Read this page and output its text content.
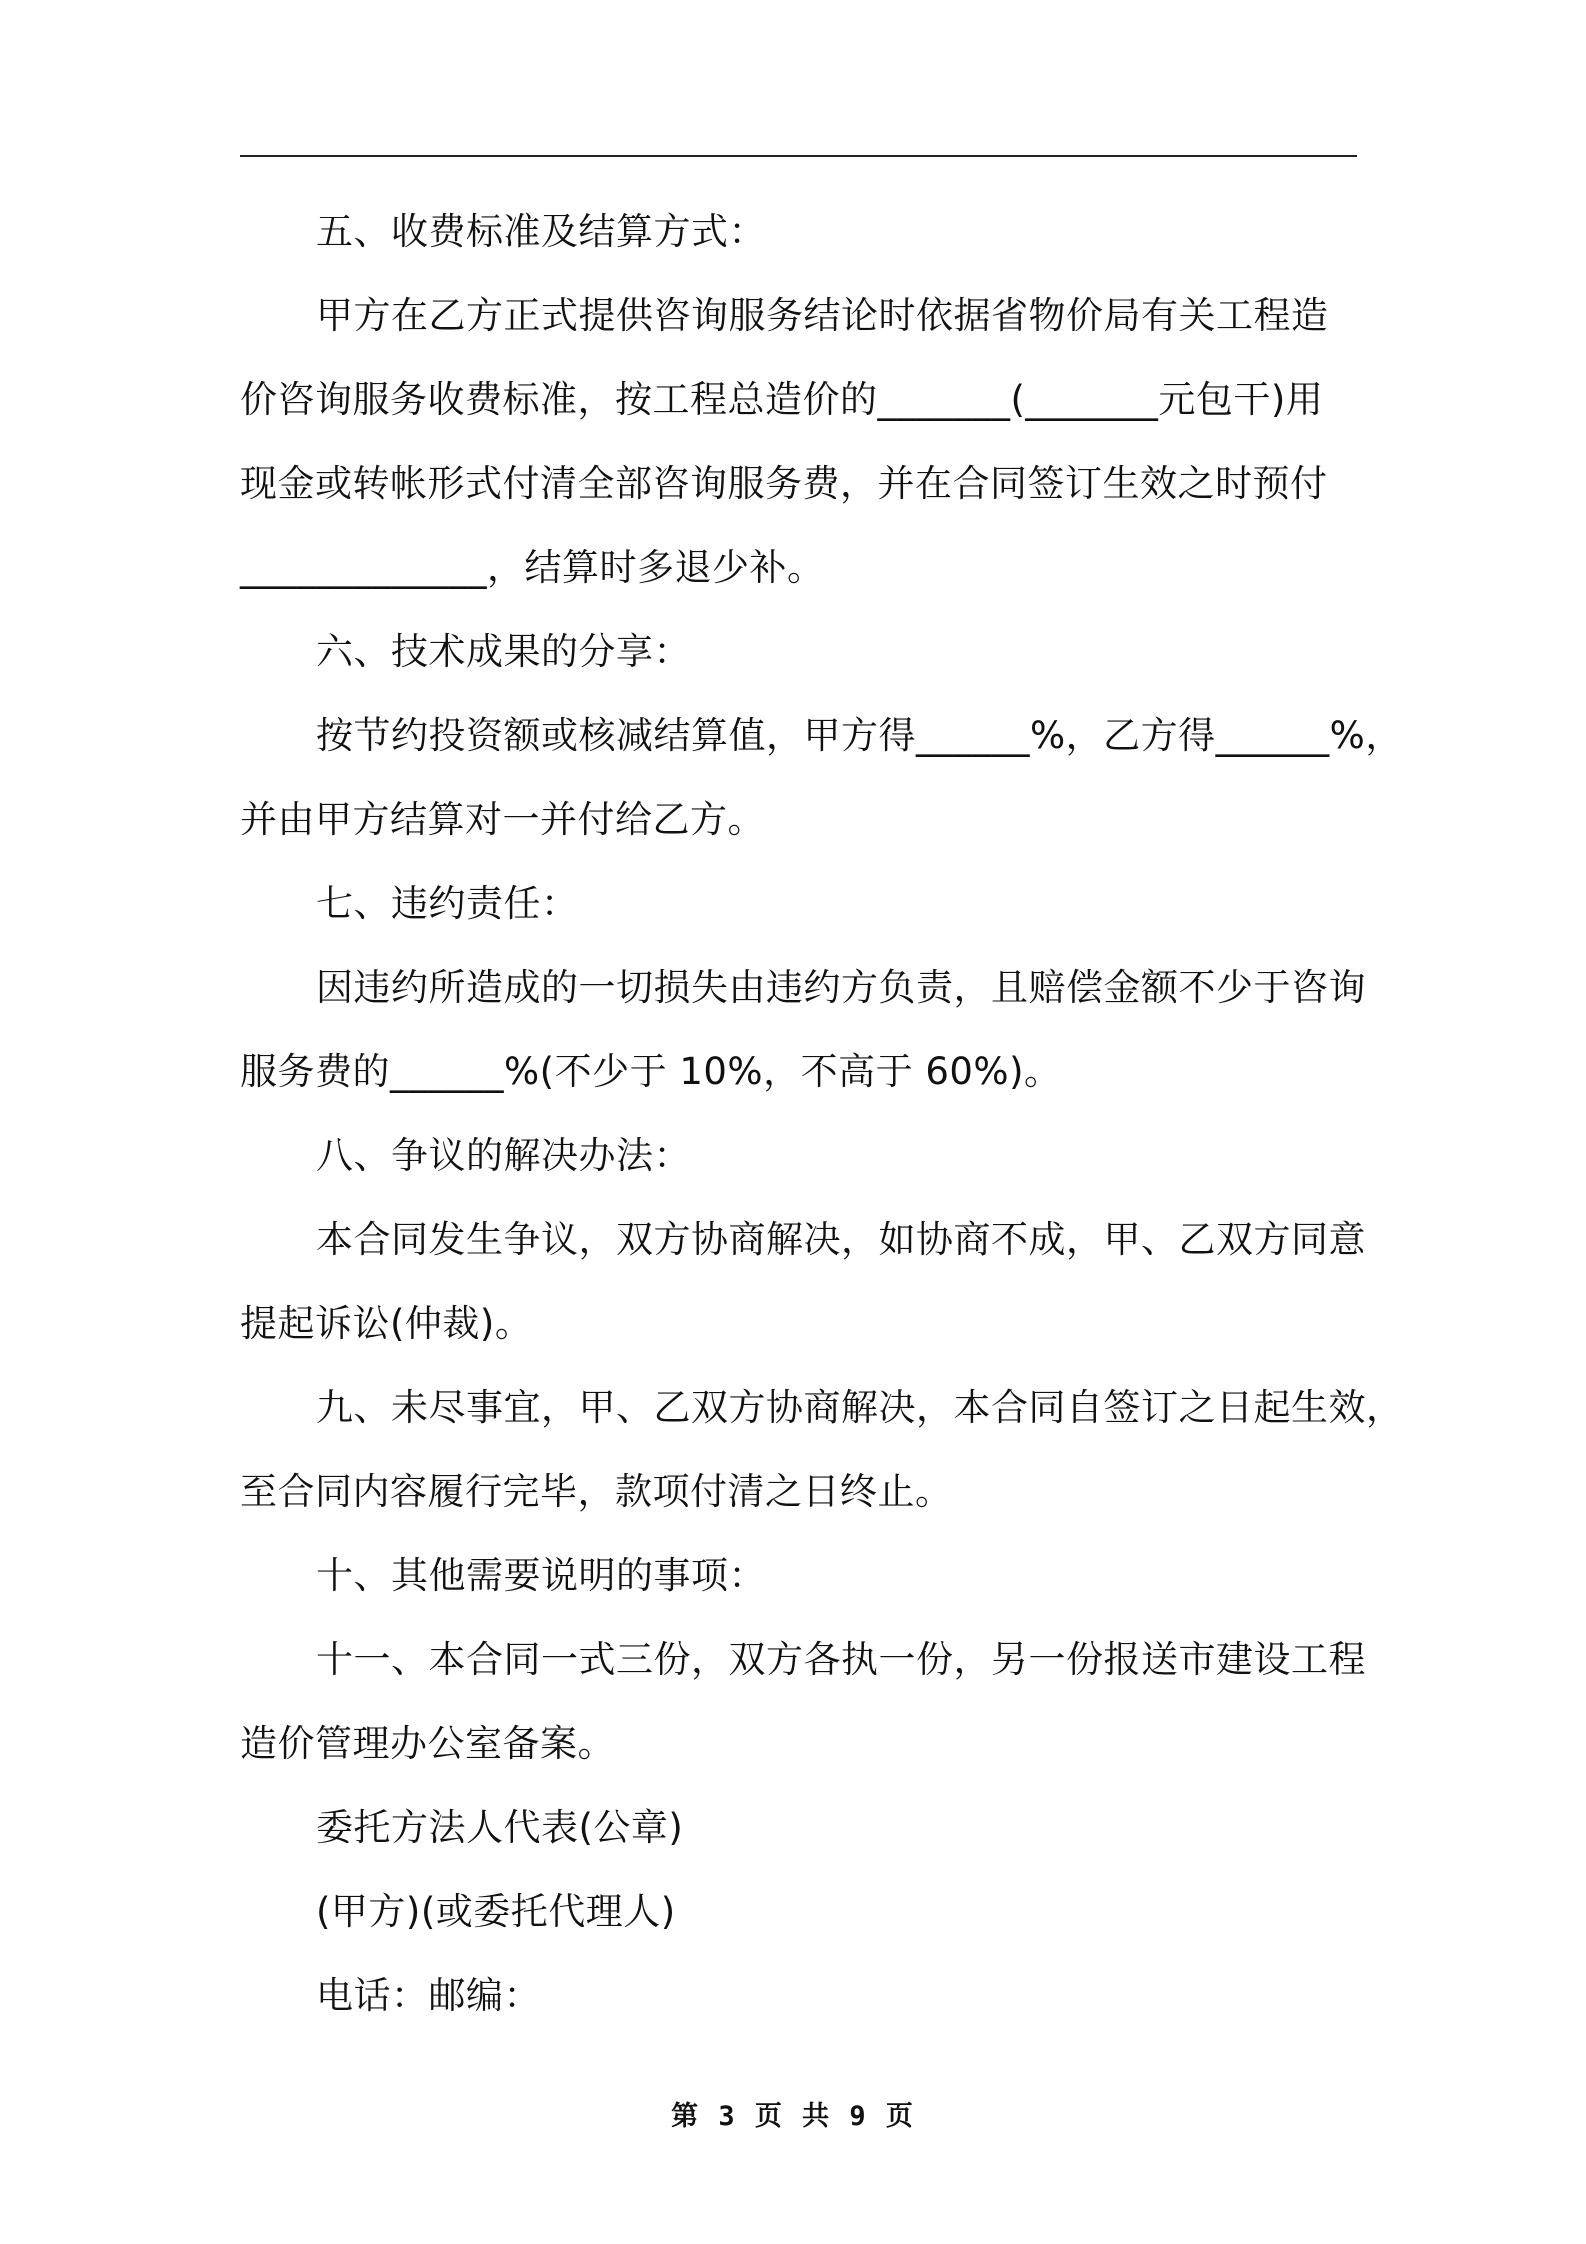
五、收费标准及结算方式：
甲方在乙方正式提供咨询服务结论时依据省物价局有关工程造
价咨询服务收费标准，按工程总造价的_______(_______元包干)用
现金或转帐形式付清全部咨询服务费，并在合同签订生效之时预付
_____________，结算时多退少补。
六、技术成果的分享：
按节约投资额或核减结算值，甲方得______%，乙方得______%，
并由甲方结算对一并付给乙方。
七、违约责任：
因违约所造成的一切损失由违约方负责，且赔偿金额不少于咨询
服务费的______%(不少于 10%，不高于 60%)。
八、争议的解决办法：
本合同发生争议，双方协商解决，如协商不成，甲、乙双方同意
提起诉讼(仲裁)。
九、未尽事宜，甲、乙双方协商解决，本合同自签订之日起生效，
至合同内容履行完毕，款项付清之日终止。
十、其他需要说明的事项：
十一、本合同一式三份，双方各执一份，另一份报送市建设工程
造价管理办公室备案。
委托方法人代表(公章)
(甲方)(或委托代理人)
电话：邮编：
第 3 页 共 9 页
